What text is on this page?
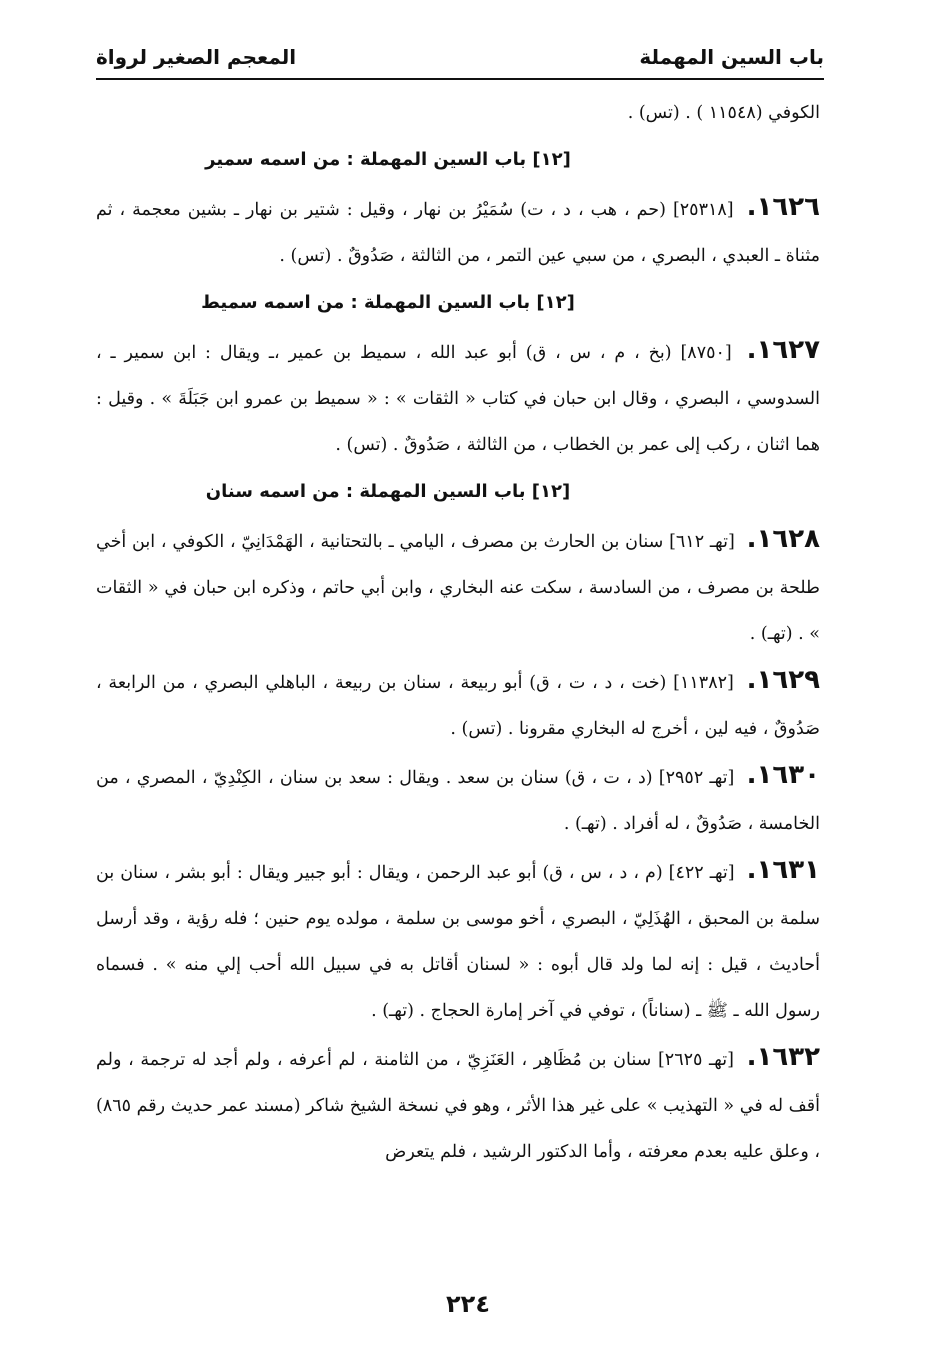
باب السين المهملة
المعجم الصغير لرواة

الكوفي (١١٥٤٨ ) . (تس) .

[١٢] باب السين المهملة : من اسمه سمير

١٦٢٦. [٢٥٣١٨] (حم ، هب ، د ، ت) سُمَيْرُ بن نهار ، وقيل : شتير بن نهار ـ بشين معجمة ، ثم مثناة ـ العبدي ، البصري ، من سبي عين التمر ، من الثالثة ، صَدُوقٌ . (تس) .

[١٢] باب السين المهملة : من اسمه سميط

١٦٢٧. [٨٧٥٠] (بخ ، م ، س ، ق) أبو عبد الله ، سميط بن عمير ،ـ ويقال : ابن سمير ـ ، السدوسي ، البصري ، وقال ابن حبان في كتاب « الثقات » : « سميط بن عمرو ابن جَبَلَةَ » . وقيل : هما اثنان ، ركب إلى عمر بن الخطاب ، من الثالثة ، صَدُوقٌ . (تس) .

[١٢] باب السين المهملة : من اسمه سنان

١٦٢٨. [تهـ ٦١٢] سنان بن الحارث بن مصرف ، اليامي ـ بالتحتانية ، الهَمْدَانِيّ ، الكوفي ، ابن أخي طلحة بن مصرف ، من السادسة ، سكت عنه البخاري ، وابن أبي حاتم ، وذكره ابن حبان في « الثقات » . (تهـ) .

١٦٢٩. [١١٣٨٢] (خت ، د ، ت ، ق) أبو ربيعة ، سنان بن ربيعة ، الباهلي البصري ، من الرابعة ، صَدُوقٌ ، فيه لين ، أخرج له البخاري مقرونا . (تس) .

١٦٣٠. [تهـ ٢٩٥٢] (د ، ت ، ق) سنان بن سعد . ويقال : سعد بن سنان ، الكِنْدِيّ ، المصري ، من الخامسة ، صَدُوقٌ ، له أفراد . (تهـ) .

١٦٣١. [تهـ ٤٢٢] (م ، د ، س ، ق) أبو عبد الرحمن ، ويقال : أبو جبير ويقال : أبو بشر ، سنان بن سلمة بن المحبق ، الهُذَلِيّ ، البصري ، أخو موسى بن سلمة ، مولده يوم حنين ؛ فله رؤية ، وقد أرسل أحاديث ، قيل : إنه لما ولد قال أبوه : « لسنان أقاتل به في سبيل الله أحب إلي منه » . فسماه رسول الله ـ ﷺ ـ (سناناً) ، توفي في آخر إمارة الحجاج . (تهـ) .

١٦٣٢. [تهـ ٢٦٢٥] سنان بن مُظَاهِر ، العَنَزِيّ ، من الثامنة ، لم أعرفه ، ولم أجد له ترجمة ، ولم أقف له في « التهذيب » على غير هذا الأثر ، وهو في نسخة الشيخ شاكر (مسند عمر حديث رقم ٨٦٥) ، وعلق عليه بعدم معرفته ، وأما الدكتور الرشيد ، فلم يتعرض

٢٢٤
